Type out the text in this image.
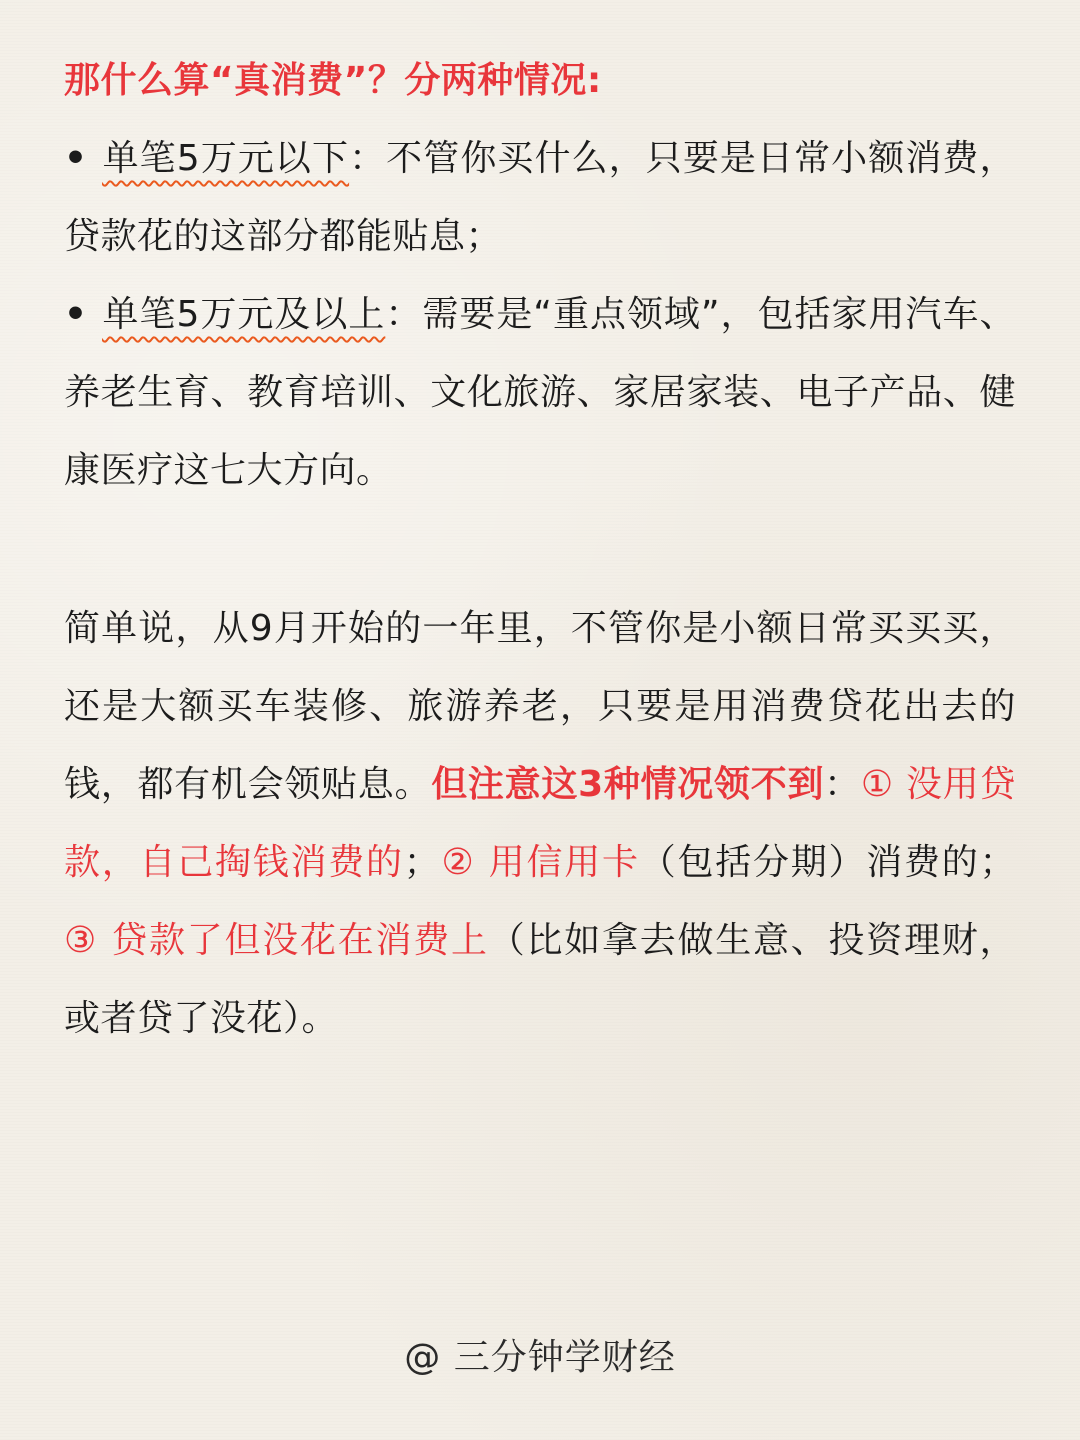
那什么算“真消费”？分两种情况:

• 单笔5万元以下：不管你买什么，只要是日常小额消费，贷款花的这部分都能贴息；

• 单笔5万元及以上：需要是“重点领域”，包括家用汽车、养老生育、教育培训、文化旅游、家居家装、电子产品、健康医疗这七大方向。

简单说，从9月开始的一年里，不管你是小额日常买买买，还是大额买车装修、旅游养老，只要是用消费贷花出去的钱，都有机会领贴息。但注意这3种情况领不到：① 没用贷款，自己掏钱消费的；② 用信用卡（包括分期）消费的；③ 贷款了但没花在消费上（比如拿去做生意、投资理财，或者贷了没花）。

@ 三分钟学财经
